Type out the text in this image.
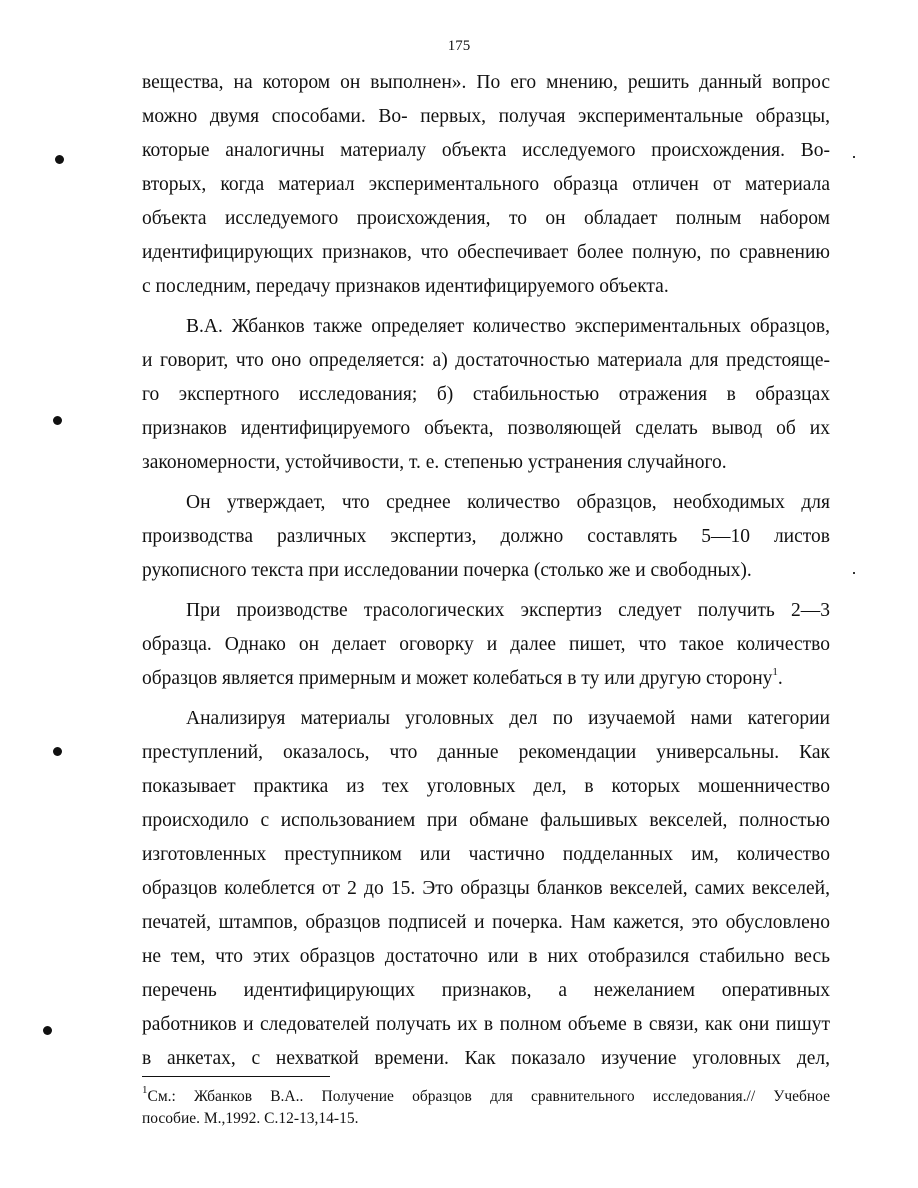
175
вещества, на котором он выполнен». По его мнению, решить данный вопрос
можно двумя способами. Во- первых, получая экспериментальные образцы,
которые аналогичны материалу объекта исследуемого происхождения. Во-
вторых, когда материал экспериментального образца отличен от материала
объекта исследуемого происхождения, то он обладает полным набором
идентифицирующих признаков, что обеспечивает более полную, по сравнению
с последним, передачу признаков идентифицируемого объекта.
В.А. Жбанков также определяет количество экспериментальных образцов,
и говорит, что оно определяется: а) достаточностью материала для предстояще-
го экспертного исследования; б) стабильностью отражения в образцах
признаков идентифицируемого объекта, позволяющей сделать вывод об их
закономерности, устойчивости, т. е. степенью устранения случайного.
Он утверждает, что среднее количество образцов, необходимых для
производства различных экспертиз, должно составлять 5—10 листов
рукописного текста при исследовании почерка (столько же и свободных).
При производстве трасологических экспертиз следует получить 2—3
образца. Однако он делает оговорку и далее пишет, что такое количество
образцов является примерным и может колебаться в ту или другую сторону$^1$.
Анализируя материалы уголовных дел по изучаемой нами категории
преступлений, оказалось, что данные рекомендации универсальны. Как
показывает практика из тех уголовных дел, в которых мошенничество
происходило с использованием при обмане фальшивых векселей, полностью
изготовленных преступником или частично подделанных им, количество
образцов колеблется от 2 до 15. Это образцы бланков векселей, самих векселей,
печатей, штампов, образцов подписей и почерка. Нам кажется, это обусловлено
не тем, что этих образцов достаточно или в них отобразился стабильно весь
перечень идентифицирующих признаков, а нежеланием оперативных
работников и следователей получать их в полном объеме в связи, как они пишут
в анкетах, с нехваткой времени. Как показало изучение уголовных дел,
$^1$См.: Жбанков В.А.. Получение образцов для сравнительного исследования.// Учебное
пособие. М.,1992. С.12-13,14-15.
